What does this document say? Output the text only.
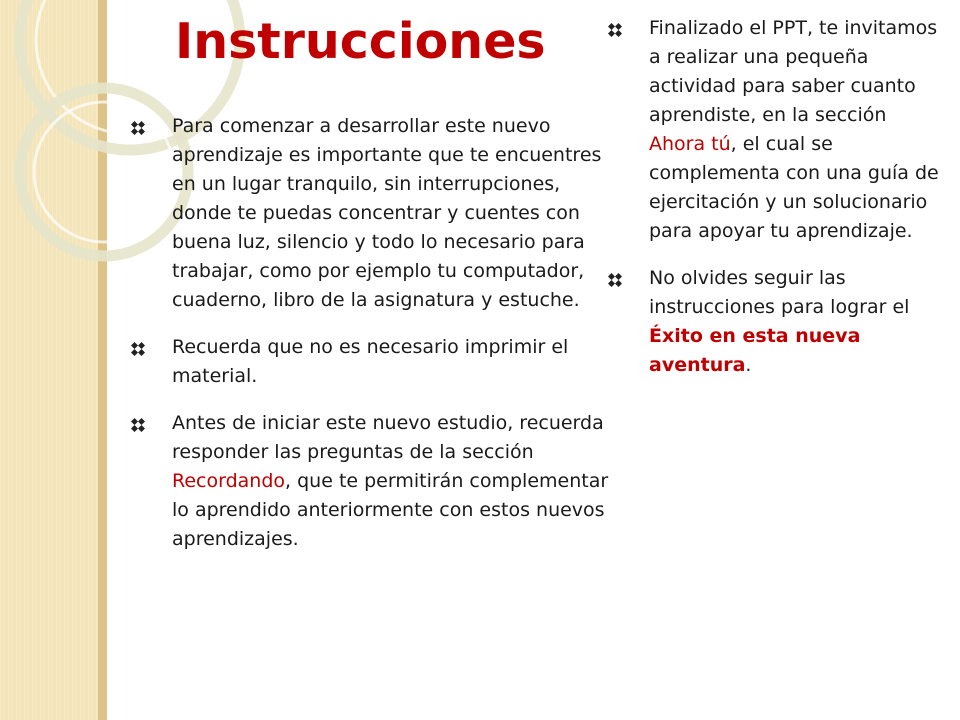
Instrucciones
Para comenzar a desarrollar este nuevo aprendizaje es importante que te encuentres en un lugar tranquilo, sin interrupciones, donde te puedas concentrar y cuentes con buena luz, silencio y todo lo necesario para trabajar, como por ejemplo tu computador, cuaderno, libro de la asignatura y estuche.
Recuerda que no es necesario imprimir el material.
Antes de iniciar este nuevo estudio, recuerda responder las preguntas de la sección Recordando, que te permitirán complementar lo aprendido anteriormente con estos nuevos aprendizajes.
Finalizado el PPT, te invitamos a realizar una pequeña actividad para saber cuanto aprendiste, en la sección Ahora tú, el cual se complementa con una guía de ejercitación y un solucionario para apoyar tu aprendizaje.
No olvides seguir las instrucciones para lograr el Éxito en esta nueva aventura.
